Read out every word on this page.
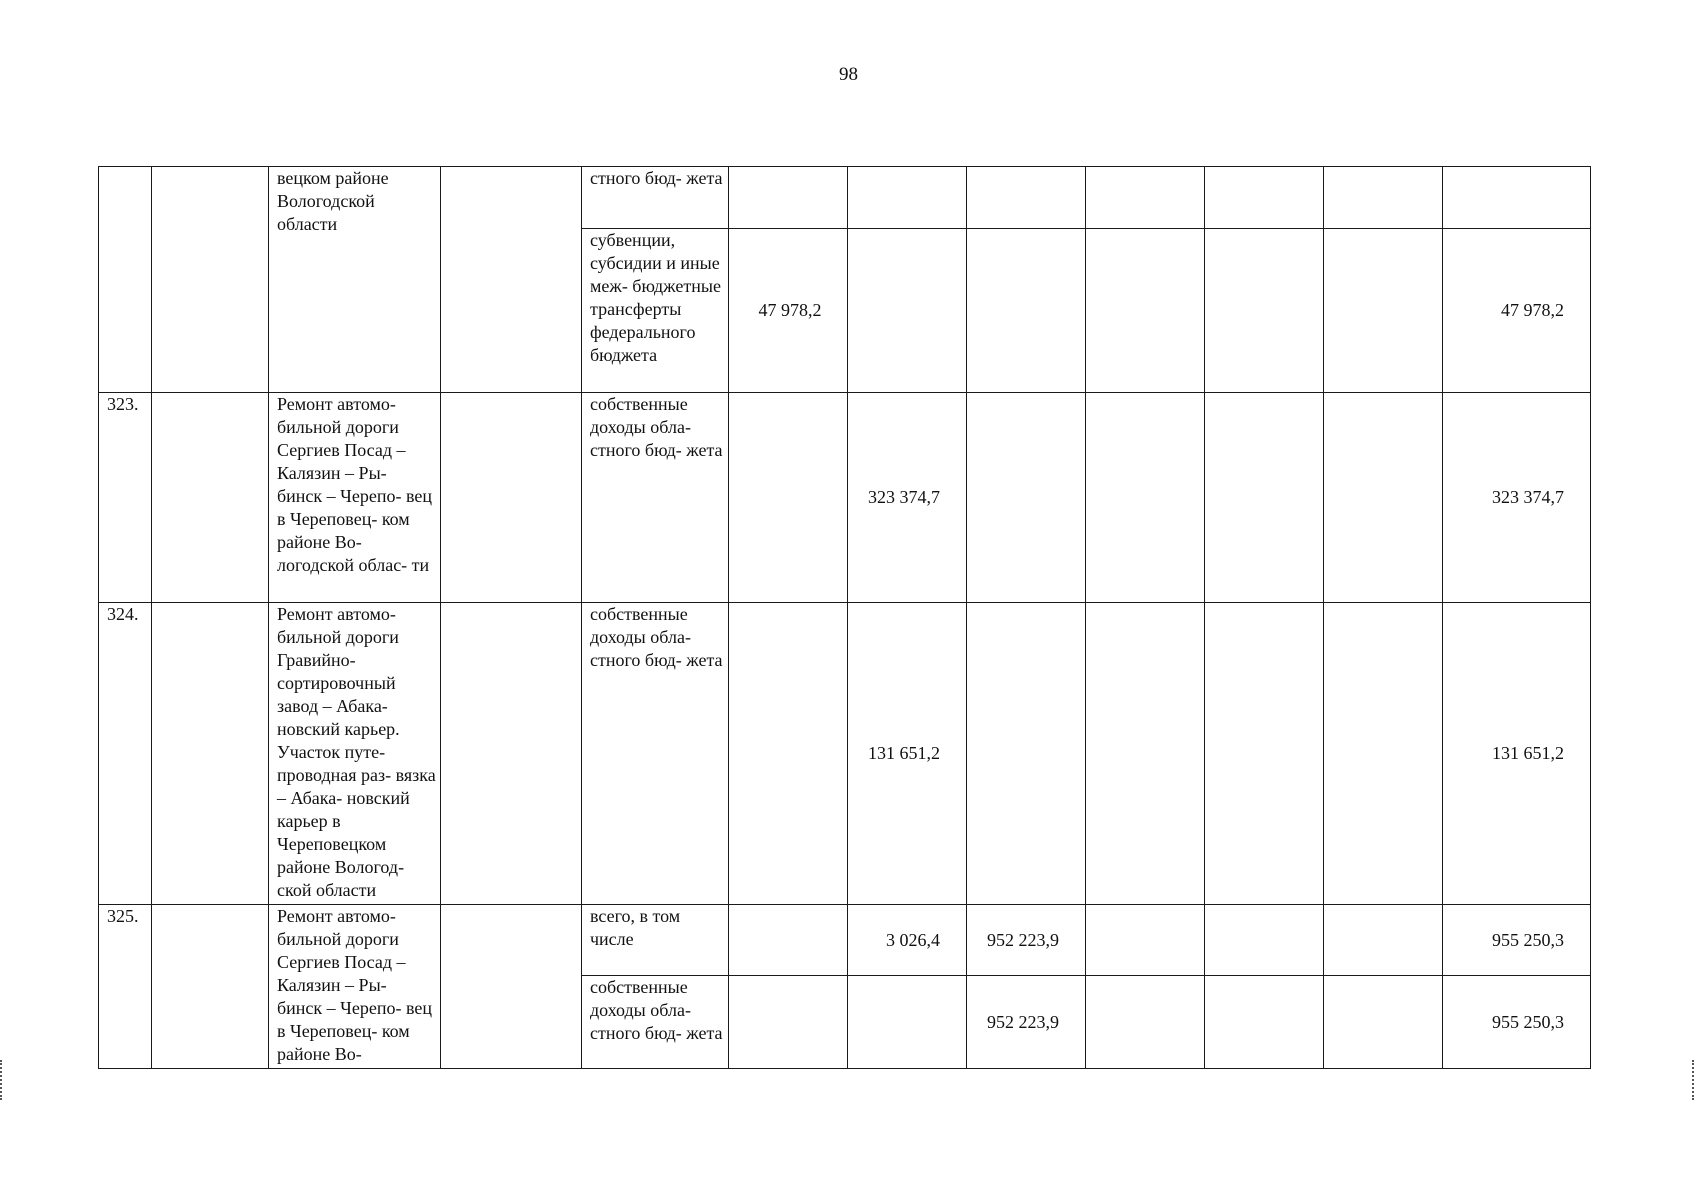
98
		вецком районе Вологодской области		стного бюд- жета							
				субвенции, субсидии и иные меж- бюджетные трансферты федерального бюджета	47 978,2						47 978,2
323.		Ремонт автомо- бильной дороги Сергиев Посад – Калязин – Ры- бинск – Черепо- вец в Череповец- ком районе Во- логодской облас- ти		собственные доходы обла- стного бюд- жета		323 374,7					323 374,7
324.		Ремонт автомо- бильной дороги Гравийно- сортировочный завод – Абака- новский карьер. Участок путе- проводная раз- вязка – Абака- новский карьер в Череповецком районе Вологод- ской области		собственные доходы обла- стного бюд- жета		131 651,2					131 651,2
325.		Ремонт автомо- бильной дороги Сергиев Посад – Калязин – Ры- бинск – Черепо- вец в Череповец- ком районе Во-		всего, в том числе		3 026,4	952 223,9				955 250,3
				собственные доходы обла- стного бюд- жета			952 223,9				955 250,3
